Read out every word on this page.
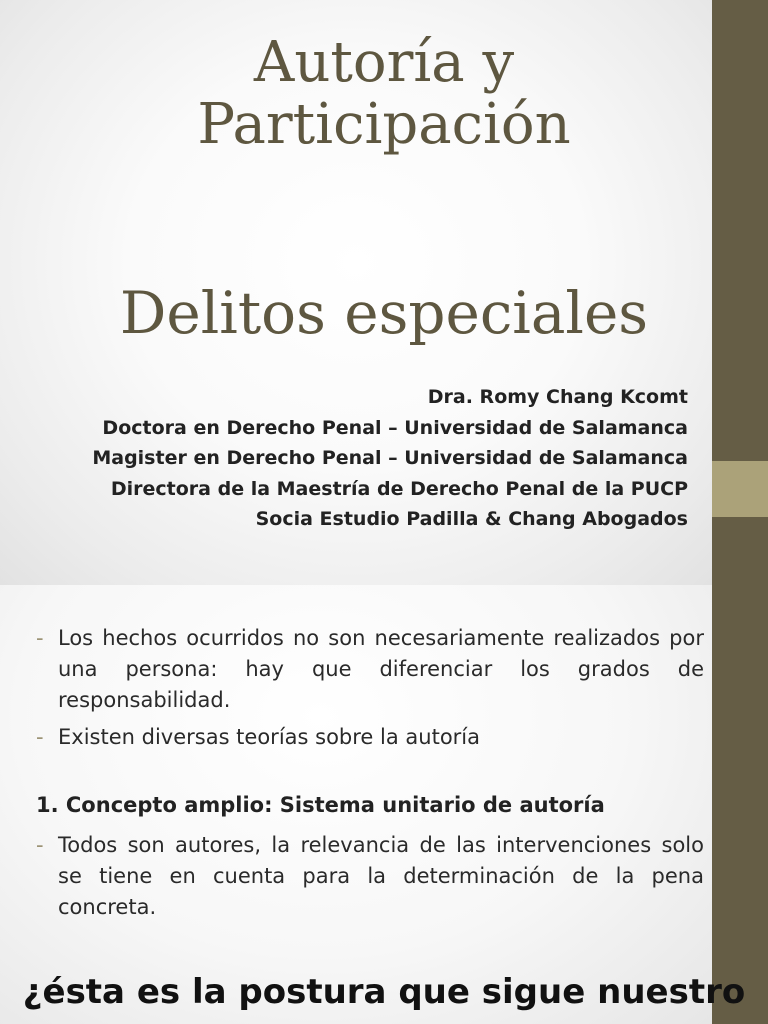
Autoría y Participación
Delitos especiales
Dra. Romy Chang Kcomt
Doctora en Derecho Penal – Universidad de Salamanca
Magister en Derecho Penal – Universidad de Salamanca
Directora de la Maestría de Derecho Penal de la PUCP
Socia Estudio Padilla & Chang Abogados
- Los hechos ocurridos no son necesariamente realizados por una persona: hay que diferenciar los grados de responsabilidad.
- Existen diversas teorías sobre la autoría
1. Concepto amplio: Sistema unitario de autoría
- Todos son autores, la relevancia de las intervenciones solo se tiene en cuenta para la determinación de la pena concreta.
¿ésta es la postura que sigue nuestro
